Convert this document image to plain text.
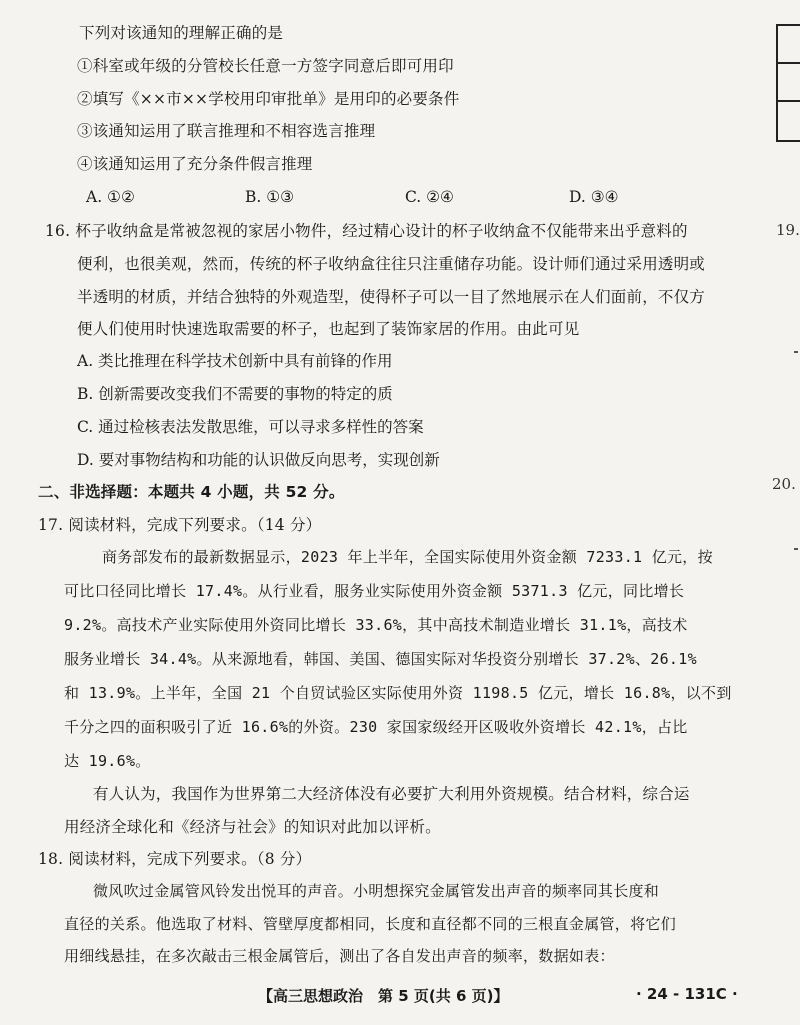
下列对该通知的理解正确的是
①科室或年级的分管校长任意一方签字同意后即可用印
②填写《××市××学校用印审批单》是用印的必要条件
③该通知运用了联言推理和不相容选言推理
④该通知运用了充分条件假言推理
A. ①②	B. ①③	C. ②④	D. ③④
16. 杯子收纳盒是常被忽视的家居小物件，经过精心设计的杯子收纳盒不仅能带来出乎意料的
便利，也很美观，然而，传统的杯子收纳盒往往只注重储存功能。设计师们通过采用透明或
半透明的材质，并结合独特的外观造型，使得杯子可以一目了然地展示在人们面前，不仅方
便人们使用时快速选取需要的杯子，也起到了装饰家居的作用。由此可见
A. 类比推理在科学技术创新中具有前锋的作用
B. 创新需要改变我们不需要的事物的特定的质
C. 通过检核表法发散思维，可以寻求多样性的答案
D. 要对事物结构和功能的认识做反向思考，实现创新
二、非选择题：本题共 4 小题，共 52 分。
17. 阅读材料，完成下列要求。（14 分）
商务部发布的最新数据显示，2023 年上半年，全国实际使用外资金额 7233.1 亿元，按
可比口径同比增长 17.4%。从行业看，服务业实际使用外资金额 5371.3 亿元，同比增长
9.2%。高技术产业实际使用外资同比增长 33.6%，其中高技术制造业增长 31.1%，高技术
服务业增长 34.4%。从来源地看，韩国、美国、德国实际对华投资分别增长 37.2%、26.1%
和 13.9%。上半年，全国 21 个自贸试验区实际使用外资 1198.5 亿元，增长 16.8%，以不到
千分之四的面积吸引了近 16.6%的外资。230 家国家级经开区吸收外资增长 42.1%，占比
达 19.6%。
有人认为，我国作为世界第二大经济体没有必要扩大利用外资规模。结合材料，综合运
用经济全球化和《经济与社会》的知识对此加以评析。
18. 阅读材料，完成下列要求。（8 分）
微风吹过金属管风铃发出悦耳的声音。小明想探究金属管发出声音的频率同其长度和
直径的关系。他选取了材料、管壁厚度都相同，长度和直径都不同的三根直金属管，将它们
用细线悬挂，在多次敲击三根金属管后，测出了各自发出声音的频率，数据如表：
19.
20.
【高三思想政治　第 5 页(共 6 页)】	· 24 - 131C ·
